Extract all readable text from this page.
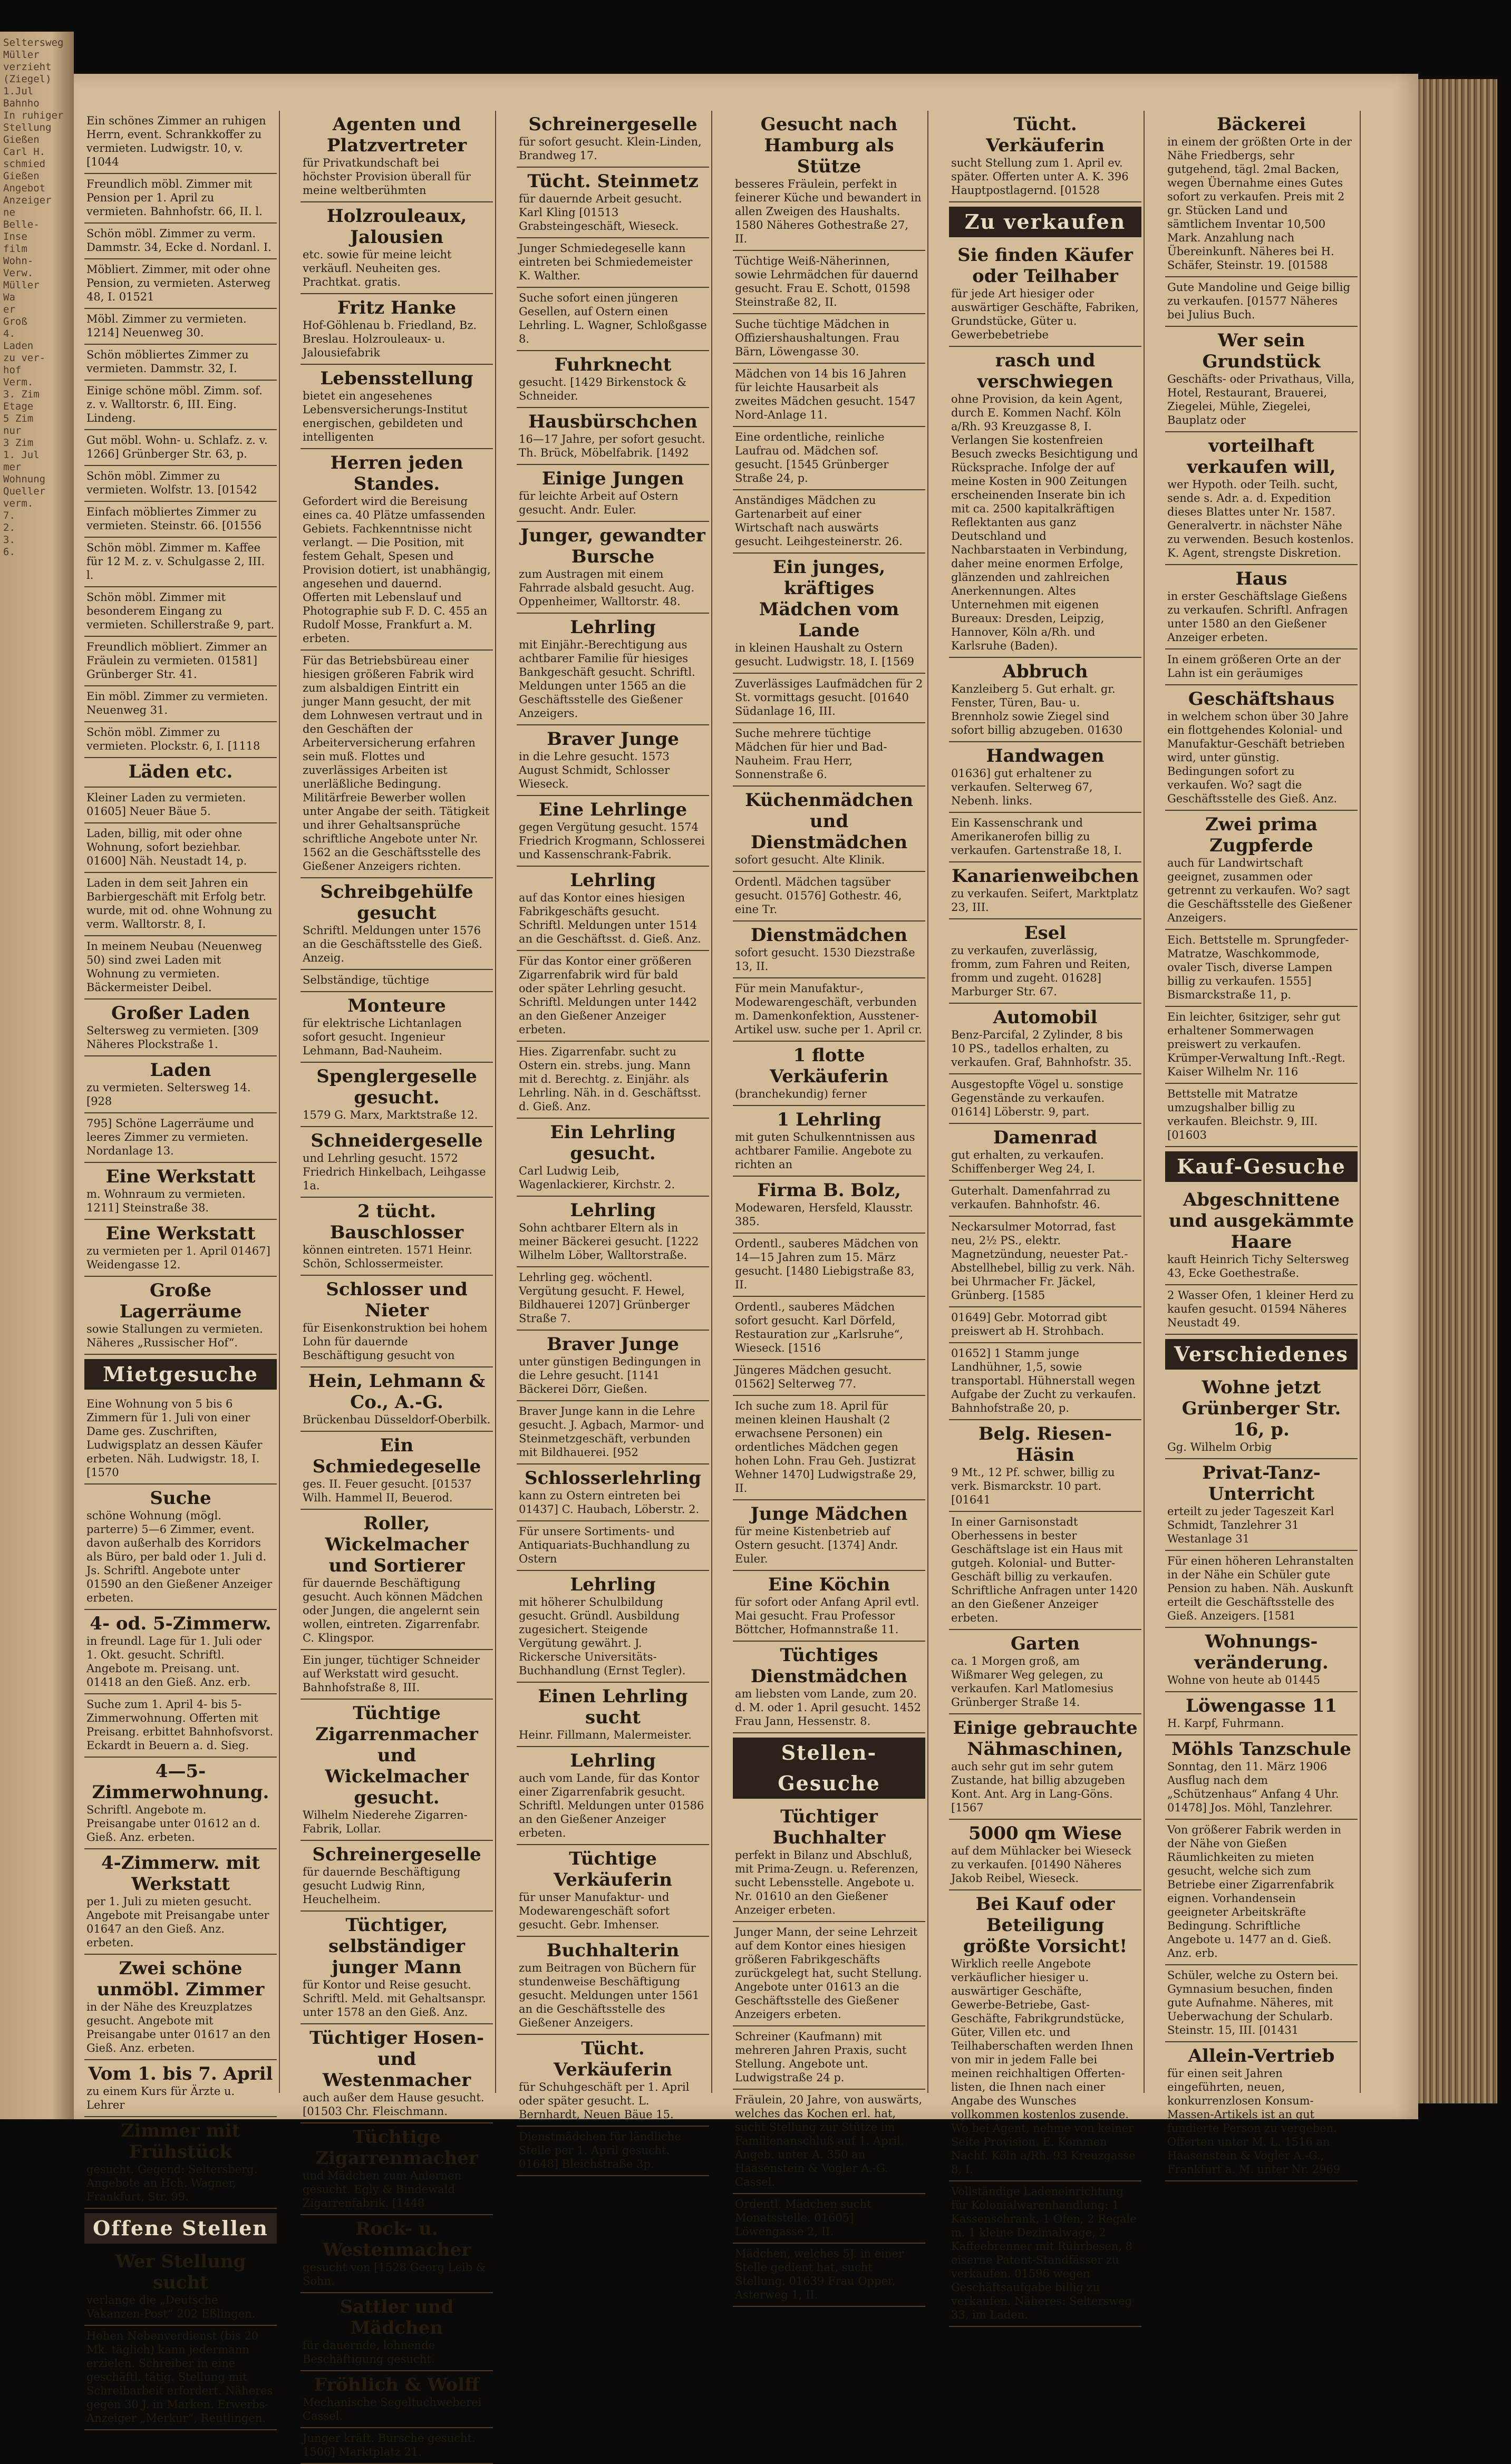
Seltersweg
Müller
verzieht
(Ziegel)
1.Jul
Bahnho
In ruhiger
Stellung
Gießen
Carl H.
schmied
Gießen
Angebot
Anzeiger
ne
Belle-
Inse
film
Wohn-
Verw.
Müller
Wa
er
Groß
4.
Laden
zu ver-
hof
Verm.
3. Zim
Etage
5 Zim
nur
3 Zim
1. Jul
mer
Wohnung
Queller
verm.
7.
2.
3.
6.
Ein schönes Zimmer an ruhigen Herrn, event. Schrankkoffer zu vermieten. Ludwigstr. 10, v. [1044
Freundlich möbl. Zimmer mit Pension per 1. April zu vermieten. Bahnhofstr. 66, II. l.
Schön möbl. Zimmer zu verm. Dammstr. 34, Ecke d. Nordanl. I.
Möbliert. Zimmer, mit oder ohne Pension, zu vermieten. Asterweg 48, I. 01521
Möbl. Zimmer zu vermieten. 1214] Neuenweg 30.
Schön möbliertes Zimmer zu vermieten. Dammstr. 32, I.
Einige schöne möbl. Zimm. sof. z. v. Walltorstr. 6, III. Eing. Lindeng.
Gut möbl. Wohn- u. Schlafz. z. v. 1266] Grünberger Str. 63, p.
Schön möbl. Zimmer zu vermieten. Wolfstr. 13. [01542
Einfach möbliertes Zimmer zu vermieten. Steinstr. 66. [01556
Schön möbl. Zimmer m. Kaffee für 12 M. z. v. Schulgasse 2, III. l.
Schön möbl. Zimmer mit besonderem Eingang zu vermieten. Schillerstraße 9, part.
Freundlich möbliert. Zimmer an Fräulein zu vermieten. 01581] Grünberger Str. 41.
Ein möbl. Zimmer zu vermieten. Neuenweg 31.
Schön möbl. Zimmer zu vermieten. Plockstr. 6, I. [1118
Läden etc.
Kleiner Laden zu vermieten. 01605] Neuer Bäue 5.
Laden, billig, mit oder ohne Wohnung, sofort beziehbar. 01600] Näh. Neustadt 14, p.
Laden in dem seit Jahren ein Barbiergeschäft mit Erfolg betr. wurde, mit od. ohne Wohnung zu verm. Walltorstr. 8, I.
In meinem Neubau (Neuenweg 50) sind zwei Laden mit Wohnung zu vermieten. Bäckermeister Deibel.
Großer Laden
Seltersweg zu vermieten. [309 Näheres Plockstraße 1.
Laden
zu vermieten. Seltersweg 14. [928
795] Schöne Lagerräume und leeres Zimmer zu vermieten. Nordanlage 13.
Eine Werkstatt
m. Wohnraum zu vermieten. 1211] Steinstraße 38.
Eine Werkstatt
zu vermieten per 1. April 01467] Weidengasse 12.
Große Lagerräume
sowie Stallungen zu vermieten. Näheres „Russischer Hof“.
Mietgesuche
Eine Wohnung von 5 bis 6 Zimmern für 1. Juli von einer Dame ges. Zuschriften, Ludwigsplatz an dessen Käufer erbeten. Näh. Ludwigstr. 18, I. [1570
Suche
schöne Wohnung (mögl. parterre) 5—6 Zimmer, event. davon außerhalb des Korridors als Büro, per bald oder 1. Juli d. Js. Schriftl. Angebote unter 01590 an den Gießener Anzeiger erbeten.
4- od. 5-Zimmerw.
in freundl. Lage für 1. Juli oder 1. Okt. gesucht. Schriftl. Angebote m. Preisang. unt. 01418 an den Gieß. Anz. erb.
Suche zum 1. April 4- bis 5-Zimmerwohnung. Offerten mit Preisang. erbittet Bahnhofsvorst. Eckardt in Beuern a. d. Sieg.
4—5-Zimmerwohnung.
Schriftl. Angebote m. Preisangabe unter 01612 an d. Gieß. Anz. erbeten.
4-Zimmerw. mit Werkstatt
per 1. Juli zu mieten gesucht. Angebote mit Preisangabe unter 01647 an den Gieß. Anz. erbeten.
Zwei schöne unmöbl. Zimmer
in der Nähe des Kreuzplatzes gesucht. Angebote mit Preisangabe unter 01617 an den Gieß. Anz. erbeten.
Vom 1. bis 7. April
zu einem Kurs für Ärzte u. Lehrer
Zimmer mit Frühstück
gesucht. Gegend: Seltersberg. Angebote an Hch. Wagner, Frankfurt, Str. 99.
Offene Stellen
Wer Stellung sucht
verlange die „Deutsche Vakanzen-Post“ 202 Eßlingen.
Hohen Nebenverdienst (bis 20 Mk. täglich) kann jedermann erzielen. Schreiber in eine geschäftl. tätig. Stellung mit Schreibarbeit erfordert. Näheres gegen 30 J. in Marken. Erwerbs-Anzeiger „Merkur“, Reutlingen.
Agenten und Platzvertreter
für Privatkundschaft bei höchster Provision überall für meine weltberühmten
Holzrouleaux, Jalousien
etc. sowie für meine leicht verkäufl. Neuheiten ges. Prachtkat. gratis.
Fritz Hanke
Hof-Göhlenau b. Friedland, Bz. Breslau. Holzrouleaux- u. Jalousiefabrik
Lebensstellung
bietet ein angesehenes Lebensversicherungs-Institut energischen, gebildeten und intelligenten
Herren jeden Standes.
Gefordert wird die Bereisung eines ca. 40 Plätze umfassenden Gebiets. Fachkenntnisse nicht verlangt. — Die Position, mit festem Gehalt, Spesen und Provision dotiert, ist unabhängig, angesehen und dauernd. Offerten mit Lebenslauf und Photographie sub F. D. C. 455 an Rudolf Mosse, Frankfurt a. M. erbeten.
Für das Betriebsbüreau einer hiesigen größeren Fabrik wird zum alsbaldigen Eintritt ein junger Mann gesucht, der mit dem Lohnwesen vertraut und in den Geschäften der Arbeiterversicherung erfahren sein muß. Flottes und zuverlässiges Arbeiten ist unerläßliche Bedingung. Militärfreie Bewerber wollen unter Angabe der seith. Tätigkeit und ihrer Gehaltsansprüche schriftliche Angebote unter Nr. 1562 an die Geschäftsstelle des Gießener Anzeigers richten.
Schreibgehülfe gesucht
Schriftl. Meldungen unter 1576 an die Geschäftsstelle des Gieß. Anzeig.
Selbständige, tüchtige
Monteure
für elektrische Lichtanlagen sofort gesucht. Ingenieur Lehmann, Bad-Nauheim.
Spenglergeselle gesucht.
1579 G. Marx, Marktstraße 12.
Schneidergeselle
und Lehrling gesucht. 1572 Friedrich Hinkelbach, Leihgasse 1a.
2 tücht. Bauschlosser
können eintreten. 1571 Heinr. Schön, Schlossermeister.
Schlosser und Nieter
für Eisenkonstruktion bei hohem Lohn für dauernde Beschäftigung gesucht von
Hein, Lehmann & Co., A.-G.
Brückenbau Düsseldorf-Oberbilk.
Ein Schmiedegeselle
ges. II. Feuer gesucht. [01537 Wilh. Hammel II, Beuerod.
Roller, Wickelmacher und Sortierer
für dauernde Beschäftigung gesucht. Auch können Mädchen oder Jungen, die angelernt sein wollen, eintreten. Zigarrenfabr. C. Klingspor.
Ein junger, tüchtiger Schneider auf Werkstatt wird gesucht. Bahnhofstraße 8, III.
Tüchtige Zigarrenmacher und Wickelmacher gesucht.
Wilhelm Niederehe Zigarren-Fabrik, Lollar.
Schreinergeselle
für dauernde Beschäftigung gesucht Ludwig Rinn, Heuchelheim.
Tüchtiger, selbständiger junger Mann
für Kontor und Reise gesucht. Schriftl. Meld. mit Gehaltsanspr. unter 1578 an den Gieß. Anz.
Tüchtiger Hosen- und Westenmacher
auch außer dem Hause gesucht. [01503 Chr. Fleischmann.
Tüchtige Zigarrenmacher
und Mädchen zum Anlernen gesucht. Egly & Bindewald Zigarrenfabrik. [1448
Rock- u. Westenmacher
gesucht von [1528 Georg Leib & Sohn.
Sattler und Mädchen
für dauernde, lohnende Beschäftigung gesucht.
Fröhlich & Wolff
Mechanische Segeltuchweberei Cassel.
Junger kräft. Bursche gesucht. 1506] Marktplatz 21.
Schreinergeselle
für sofort gesucht. Klein-Linden, Brandweg 17.
Tücht. Steinmetz
für dauernde Arbeit gesucht. Karl Kling [01513 Grabsteingeschäft, Wieseck.
Junger Schmiedegeselle kann eintreten bei Schmiedemeister K. Walther.
Suche sofort einen jüngeren Gesellen, auf Ostern einen Lehrling. L. Wagner, Schloßgasse 8.
Fuhrknecht
gesucht. [1429 Birkenstock & Schneider.
Hausbürschchen
16—17 Jahre, per sofort gesucht. Th. Brück, Möbelfabrik. [1492
Einige Jungen
für leichte Arbeit auf Ostern gesucht. Andr. Euler.
Junger, gewandter Bursche
zum Austragen mit einem Fahrrade alsbald gesucht. Aug. Oppenheimer, Walltorstr. 48.
Lehrling
mit Einjähr.-Berechtigung aus achtbarer Familie für hiesiges Bankgeschäft gesucht. Schriftl. Meldungen unter 1565 an die Geschäftsstelle des Gießener Anzeigers.
Braver Junge
in die Lehre gesucht. 1573 August Schmidt, Schlosser Wieseck.
Eine Lehrlinge
gegen Vergütung gesucht. 1574 Friedrich Krogmann, Schlosserei und Kassenschrank-Fabrik.
Lehrling
auf das Kontor eines hiesigen Fabrikgeschäfts gesucht. Schriftl. Meldungen unter 1514 an die Geschäftsst. d. Gieß. Anz.
Für das Kontor einer größeren Zigarrenfabrik wird für bald oder später Lehrling gesucht. Schriftl. Meldungen unter 1442 an den Gießener Anzeiger erbeten.
Hies. Zigarrenfabr. sucht zu Ostern ein. strebs. jung. Mann mit d. Berechtg. z. Einjähr. als Lehrling. Näh. in d. Geschäftsst. d. Gieß. Anz.
Ein Lehrling gesucht.
Carl Ludwig Leib, Wagenlackierer, Kirchstr. 2.
Lehrling
Sohn achtbarer Eltern als in meiner Bäckerei gesucht. [1222 Wilhelm Löber, Walltorstraße.
Lehrling geg. wöchentl. Vergütung gesucht. F. Hewel, Bildhauerei 1207] Grünberger Straße 7.
Braver Junge
unter günstigen Bedingungen in die Lehre gesucht. [1141 Bäckerei Dörr, Gießen.
Braver Junge kann in die Lehre gesucht. J. Agbach, Marmor- und Steinmetzgeschäft, verbunden mit Bildhauerei. [952
Schlosserlehrling
kann zu Ostern eintreten bei 01437] C. Haubach, Löberstr. 2.
Für unsere Sortiments- und Antiquariats-Buchhandlung zu Ostern
Lehrling
mit höherer Schulbildung gesucht. Gründl. Ausbildung zugesichert. Steigende Vergütung gewährt. J. Rickersche Universitäts-Buchhandlung (Ernst Tegler).
Einen Lehrling sucht
Heinr. Fillmann, Malermeister.
Lehrling
auch vom Lande, für das Kontor einer Zigarrenfabrik gesucht. Schriftl. Meldungen unter 01586 an den Gießener Anzeiger erbeten.
Tüchtige Verkäuferin
für unser Manufaktur- und Modewarengeschäft sofort gesucht. Gebr. Imhenser.
Buchhalterin
zum Beitragen von Büchern für stundenweise Beschäftigung gesucht. Meldungen unter 1561 an die Geschäftsstelle des Gießener Anzeigers.
Tücht. Verkäuferin
für Schuhgeschäft per 1. April oder später gesucht. L. Bernhardt, Neuen Bäue 15.
Dienstmädchen für ländliche Stelle per 1. April gesucht. 01648] Bleichstraße 3p.
Gesucht nach Hamburg als Stütze
besseres Fräulein, perfekt in feinerer Küche und bewandert in allen Zweigen des Haushalts. 1580 Näheres Gothestraße 27, II.
Tüchtige Weiß-Näherinnen, sowie Lehrmädchen für dauernd gesucht. Frau E. Schott, 01598 Steinstraße 82, II.
Suche tüchtige Mädchen in Offiziershaushaltungen. Frau Bärn, Löwengasse 30.
Mädchen von 14 bis 16 Jahren für leichte Hausarbeit als zweites Mädchen gesucht. 1547 Nord-Anlage 11.
Eine ordentliche, reinliche Laufrau od. Mädchen sof. gesucht. [1545 Grünberger Straße 24, p.
Anständiges Mädchen zu Gartenarbeit auf einer Wirtschaft nach auswärts gesucht. Leihgesteinerstr. 26.
Ein junges, kräftiges Mädchen vom Lande
in kleinen Haushalt zu Ostern gesucht. Ludwigstr. 18, I. [1569
Zuverlässiges Laufmädchen für 2 St. vormittags gesucht. [01640 Südanlage 16, III.
Suche mehrere tüchtige Mädchen für hier und Bad-Nauheim. Frau Herr, Sonnenstraße 6.
Küchenmädchen und Dienstmädchen
sofort gesucht. Alte Klinik.
Ordentl. Mädchen tagsüber gesucht. 01576] Gothestr. 46, eine Tr.
Dienstmädchen
sofort gesucht. 1530 Diezstraße 13, II.
Für mein Manufaktur-, Modewarengeschäft, verbunden m. Damenkonfektion, Ausstener-Artikel usw. suche per 1. April cr.
1 flotte Verkäuferin
(branchekundig) ferner
1 Lehrling
mit guten Schulkenntnissen aus achtbarer Familie. Angebote zu richten an
Firma B. Bolz,
Modewaren, Hersfeld, Klausstr. 385.
Ordentl., sauberes Mädchen von 14—15 Jahren zum 15. März gesucht. [1480 Liebigstraße 83, II.
Ordentl., sauberes Mädchen sofort gesucht. Karl Dörfeld, Restauration zur „Karlsruhe“, Wieseck. [1516
Jüngeres Mädchen gesucht. 01562] Selterweg 77.
Ich suche zum 18. April für meinen kleinen Haushalt (2 erwachsene Personen) ein ordentliches Mädchen gegen hohen Lohn. Frau Geh. Justizrat Wehner 1470] Ludwigstraße 29, II.
Junge Mädchen
für meine Kistenbetrieb auf Ostern gesucht. [1374] Andr. Euler.
Eine Köchin
für sofort oder Anfang April evtl. Mai gesucht. Frau Professor Böttcher, Hofmannstraße 11.
Tüchtiges Dienstmädchen
am liebsten vom Lande, zum 20. d. M. oder 1. April gesucht. 1452 Frau Jann, Hessenstr. 8.
Stellen-Gesuche
Tüchtiger Buchhalter
perfekt in Bilanz und Abschluß, mit Prima-Zeugn. u. Referenzen, sucht Lebensstelle. Angebote u. Nr. 01610 an den Gießener Anzeiger erbeten.
Junger Mann, der seine Lehrzeit auf dem Kontor eines hiesigen größeren Fabrikgeschäfts zurückgelegt hat, sucht Stellung. Angebote unter 01613 an die Geschäftsstelle des Gießener Anzeigers erbeten.
Schreiner (Kaufmann) mit mehreren Jahren Praxis, sucht Stellung. Angebote unt. Ludwigstraße 24 p.
Fräulein, 20 Jahre, von auswärts, welches das Kochen erl. hat, sucht Stellung zur Stütze im Familienanschluß auf 1. April. Angeb. unter A. 350 an Haasenstein & Vogler A.-G. Cassel.
Ordentl. Mädchen sucht Monatsstelle. 01605] Löwengasse 2, II.
Mädchen, welches 5J. in einer Stelle gedient hat, sucht Stellung. 01639 Frau Opper, Asterweg 1, II.
Tücht. Verkäuferin
sucht Stellung zum 1. April ev. später. Offerten unter A. K. 396 Hauptpostlagernd. [01528
Zu verkaufen
Sie finden Käufer oder Teilhaber
für jede Art hiesiger oder auswärtiger Geschäfte, Fabriken, Grundstücke, Güter u. Gewerbebetriebe
rasch und verschwiegen
ohne Provision, da kein Agent, durch E. Kommen Nachf. Köln a/Rh. 93 Kreuzgasse 8, I. Verlangen Sie kostenfreien Besuch zwecks Besichtigung und Rücksprache. Infolge der auf meine Kosten in 900 Zeitungen erscheinenden Inserate bin ich mit ca. 2500 kapitalkräftigen Reflektanten aus ganz Deutschland und Nachbarstaaten in Verbindung, daher meine enormen Erfolge, glänzenden und zahlreichen Anerkennungen. Altes Unternehmen mit eigenen Bureaux: Dresden, Leipzig, Hannover, Köln a/Rh. und Karlsruhe (Baden).
Abbruch
Kanzleiberg 5. Gut erhalt. gr. Fenster, Türen, Bau- u. Brennholz sowie Ziegel sind sofort billig abzugeben. 01630
Handwagen
01636] gut erhaltener zu verkaufen. Selterweg 67, Nebenh. links.
Ein Kassenschrank und Amerikanerofen billig zu verkaufen. Gartenstraße 18, I.
Kanarienweibchen
zu verkaufen. Seifert, Marktplatz 23, III.
Esel
zu verkaufen, zuverlässig, fromm, zum Fahren und Reiten, fromm und zugeht. 01628] Marburger Str. 67.
Automobil
Benz-Parcifal, 2 Zylinder, 8 bis 10 PS., tadellos erhalten, zu verkaufen. Graf, Bahnhofstr. 35.
Ausgestopfte Vögel u. sonstige Gegenstände zu verkaufen. 01614] Löberstr. 9, part.
Damenrad
gut erhalten, zu verkaufen. Schiffenberger Weg 24, I.
Guterhalt. Damenfahrrad zu verkaufen. Bahnhofstr. 46.
Neckarsulmer Motorrad, fast neu, 2½ PS., elektr. Magnetzündung, neuester Pat.-Abstellhebel, billig zu verk. Näh. bei Uhrmacher Fr. Jäckel, Grünberg. [1585
01649] Gebr. Motorrad gibt preiswert ab H. Strohbach.
01652] 1 Stamm junge Landhühner, 1,5, sowie transportabl. Hühnerstall wegen Aufgabe der Zucht zu verkaufen. Bahnhofstraße 20, p.
Belg. Riesen-Häsin
9 Mt., 12 Pf. schwer, billig zu verk. Bismarckstr. 10 part. [01641
In einer Garnisonstadt Oberhessens in bester Geschäftslage ist ein Haus mit gutgeh. Kolonial- und Butter-Geschäft billig zu verkaufen. Schriftliche Anfragen unter 1420 an den Gießener Anzeiger erbeten.
Garten
ca. 1 Morgen groß, am Wißmarer Weg gelegen, zu verkaufen. Karl Matlomesius Grünberger Straße 14.
Einige gebrauchte Nähmaschinen,
auch sehr gut im sehr gutem Zustande, hat billig abzugeben Kont. Ant. Arg in Lang-Göns. [1567
5000 qm Wiese
auf dem Mühlacker bei Wieseck zu verkaufen. [01490 Näheres Jakob Reibel, Wieseck.
Bei Kauf oder Beteiligung größte Vorsicht!
Wirklich reelle Angebote verkäuflicher hiesiger u. auswärtiger Geschäfte, Gewerbe-Betriebe, Gast-Geschäfte, Fabrikgrundstücke, Güter, Villen etc. und Teilhaberschaften werden Ihnen von mir in jedem Falle bei meinen reichhaltigen Offerten-listen, die Ihnen nach einer Angabe des Wunsches vollkommen kostenlos zusende. Wo bei Agent, nehme von keiner Seite Provision. E. Kommen Nachf. Köln a/Rh. 93 Kreuzgasse 8, I.
Vollständige Ladeneinrichtung für Kolonialwarenhandlung: 1 Kassenschrank, 1 Ofen, 2 Regale m. 1 kleine Dezimalwage, 2 Kaffeebrenner mit Rührbesen, 8 eiserne Patent-Standfässer zu verkaufen. 01596 wegen Geschäftsaufgabe billig zu verkaufen. Näheres: Seltersweg 33, im Laden.
Bäckerei
in einem der größten Orte in der Nähe Friedbergs, sehr gutgehend, tägl. 2mal Backen, wegen Übernahme eines Gutes sofort zu verkaufen. Preis mit 2 gr. Stücken Land und sämtlichem Inventar 10,500 Mark. Anzahlung nach Übereinkunft. Näheres bei H. Schäfer, Steinstr. 19. [01588
Gute Mandoline und Geige billig zu verkaufen. [01577 Näheres bei Julius Buch.
Wer sein Grundstück
Geschäfts- oder Privathaus, Villa, Hotel, Restaurant, Brauerei, Ziegelei, Mühle, Ziegelei, Bauplatz oder
vorteilhaft verkaufen will,
wer Hypoth. oder Teilh. sucht, sende s. Adr. a. d. Expedition dieses Blattes unter Nr. 1587. Generalvertr. in nächster Nähe zu verwenden. Besuch kostenlos. K. Agent, strengste Diskretion.
Haus
in erster Geschäftslage Gießens zu verkaufen. Schriftl. Anfragen unter 1580 an den Gießener Anzeiger erbeten.
In einem größeren Orte an der Lahn ist ein geräumiges
Geschäftshaus
in welchem schon über 30 Jahre ein flottgehendes Kolonial- und Manufaktur-Geschäft betrieben wird, unter günstig. Bedingungen sofort zu verkaufen. Wo? sagt die Geschäftsstelle des Gieß. Anz.
Zwei prima Zugpferde
auch für Landwirtschaft geeignet, zusammen oder getrennt zu verkaufen. Wo? sagt die Geschäftsstelle des Gießener Anzeigers.
Eich. Bettstelle m. Sprungfeder-Matratze, Waschkommode, ovaler Tisch, diverse Lampen billig zu verkaufen. 1555] Bismarckstraße 11, p.
Ein leichter, 6sitziger, sehr gut erhaltener Sommerwagen preiswert zu verkaufen. Krümper-Verwaltung Inft.-Regt. Kaiser Wilhelm Nr. 116
Bettstelle mit Matratze umzugshalber billig zu verkaufen. Bleichstr. 9, III. [01603
Kauf-Gesuche
Abgeschnittene und ausgekämmte Haare
kauft Heinrich Tichy Seltersweg 43, Ecke Goethestraße.
2 Wasser Ofen, 1 kleiner Herd zu kaufen gesucht. 01594 Näheres Neustadt 49.
Verschiedenes
Wohne jetzt Grünberger Str. 16, p.
Gg. Wilhelm Orbig
Privat-Tanz-Unterricht
erteilt zu jeder Tageszeit Karl Schmidt, Tanzlehrer 31 Westanlage 31
Für einen höheren Lehranstalten in der Nähe ein Schüler gute Pension zu haben. Näh. Auskunft erteilt die Geschäftsstelle des Gieß. Anzeigers. [1581
Wohnungs-veränderung.
Wohne von heute ab 01445
Löwengasse 11
H. Karpf, Fuhrmann.
Möhls Tanzschule
Sonntag, den 11. März 1906 Ausflug nach dem „Schützenhaus“ Anfang 4 Uhr. 01478] Jos. Möhl, Tanzlehrer.
Von größerer Fabrik werden in der Nähe von Gießen Räumlichkeiten zu mieten gesucht, welche sich zum Betriebe einer Zigarrenfabrik eignen. Vorhandensein geeigneter Arbeitskräfte Bedingung. Schriftliche Angebote u. 1477 an d. Gieß. Anz. erb.
Schüler, welche zu Ostern bei. Gymnasium besuchen, finden gute Aufnahme. Näheres, mit Ueberwachung der Schularb. Steinstr. 15, III. [01431
Allein-Vertrieb
für einen seit Jahren eingeführten, neuen, konkurrenzlosen Konsum-Massen-Artikels ist an gut fundierte Person zu vergeben. Offerten unter M. L. 1516 an Haasenstein & Vogler A.-G., Frankfurt a. M. unter Nr. 2969
